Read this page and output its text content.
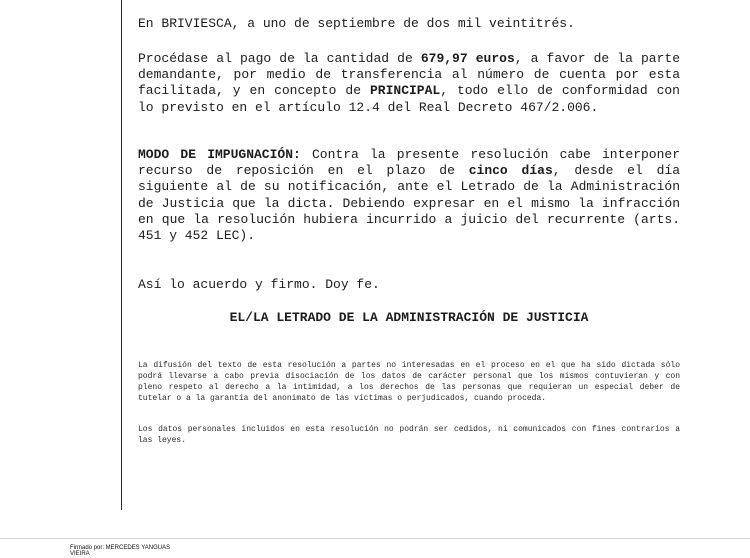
En BRIVIESCA, a uno de septiembre de dos mil veintitrés.

Procédase al pago de la cantidad de 679,97 euros, a favor de la parte demandante, por medio de transferencia al número de cuenta por esta facilitada, y en concepto de PRINCIPAL, todo ello de conformidad con lo previsto en el artículo 12.4 del Real Decreto 467/2.006.

MODO DE IMPUGNACIÓN: Contra la presente resolución cabe interponer recurso de reposición en el plazo de cinco días, desde el día siguiente al de su notificación, ante el Letrado de la Administración de Justicia que la dicta. Debiendo expresar en el mismo la infracción en que la resolución hubiera incurrido a juicio del recurrente (arts. 451 y 452 LEC).

Así lo acuerdo y firmo. Doy fe.

EL/LA LETRADO DE LA ADMINISTRACIÓN DE JUSTICIA

La difusión del texto de esta resolución a partes no interesadas en el proceso en el que ha sido dictada sólo podrá llevarse a cabo previa disociación de los datos de carácter personal que los mismos contuvieran y con pleno respeto al derecho a la intimidad, a los derechos de las personas que requieran un especial deber de tutelar o a la garantía del anonimato de las víctimas o perjudicados, cuando proceda.

Los datos personales incluidos en esta resolución no podrán ser cedidos, ni comunicados con fines contrarios a las leyes.

Firmado por: MERCEDES YANGUAS
VIEIRA
